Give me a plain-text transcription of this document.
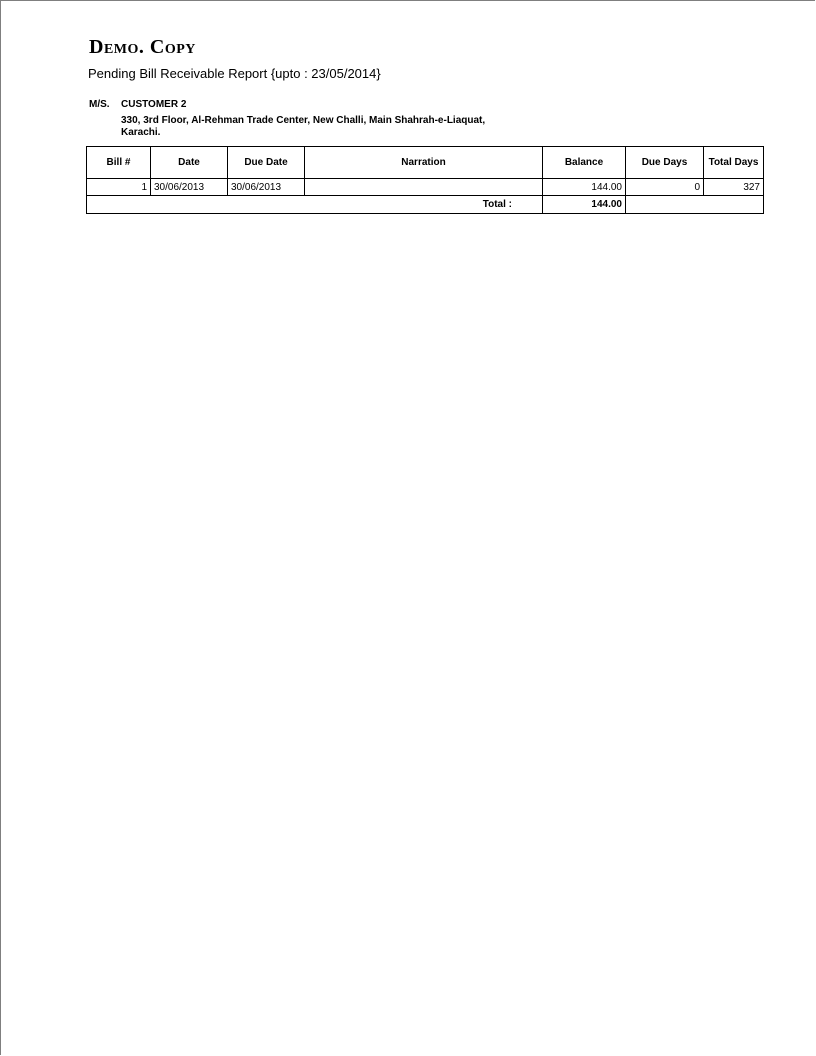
Demo. Copy
Pending Bill Receivable Report {upto : 23/05/2014}
M/S. CUSTOMER 2
330, 3rd Floor, Al-Rehman Trade Center, New Challi, Main Shahrah-e-Liaquat, Karachi.
Bill #	Date	Due Date	Narration	Balance	Due Days	Total Days
1	30/06/2013	30/06/2013		144.00	0	327
Total :				144.00		
